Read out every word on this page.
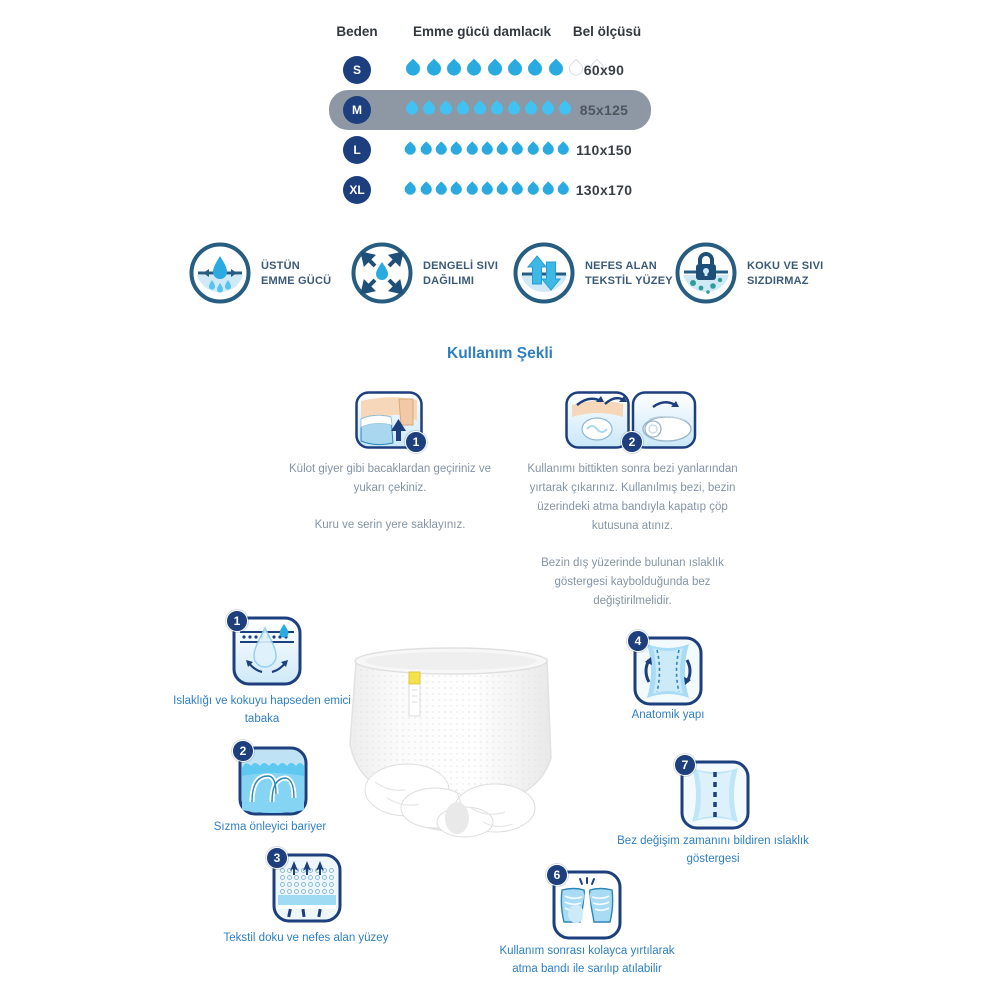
Beden	Emme gücü damlacık	Bel ölçüsü
S	60x90
M	85x125
L	110x150
XL	130x170
ÜSTÜN
EMME GÜCÜ
DENGELİ SIVI
DAĞILIMI
NEFES ALAN
TEKSTİL YÜZEY
KOKU VE SIVI
SIZDIRMAZ
Kullanım Şekli
1	2
Külot giyer gibi bacaklardan geçiriniz ve yukarı çekiniz.
Kuru ve serin yere saklayınız.
Kullanımı bittikten sonra bezi yanlarından yırtarak çıkarınız. Kullanılmış bezi, bezin üzerindeki atma bandıyla kapatıp çöp kutusuna atınız.
Bezin dış yüzerinde bulunan ıslaklık göstergesi kaybolduğunda bez değiştirilmelidir.
1
Islaklığı ve kokuyu hapseden emici tabaka
2
Sızma önleyici bariyer
3
Tekstil doku ve nefes alan yüzey
4
Anatomik yapı
7
Bez değişim zamanını bildiren ıslaklık göstergesi
6
Kullanım sonrası kolayca yırtılarak atma bandı ile sarılıp atılabilir
